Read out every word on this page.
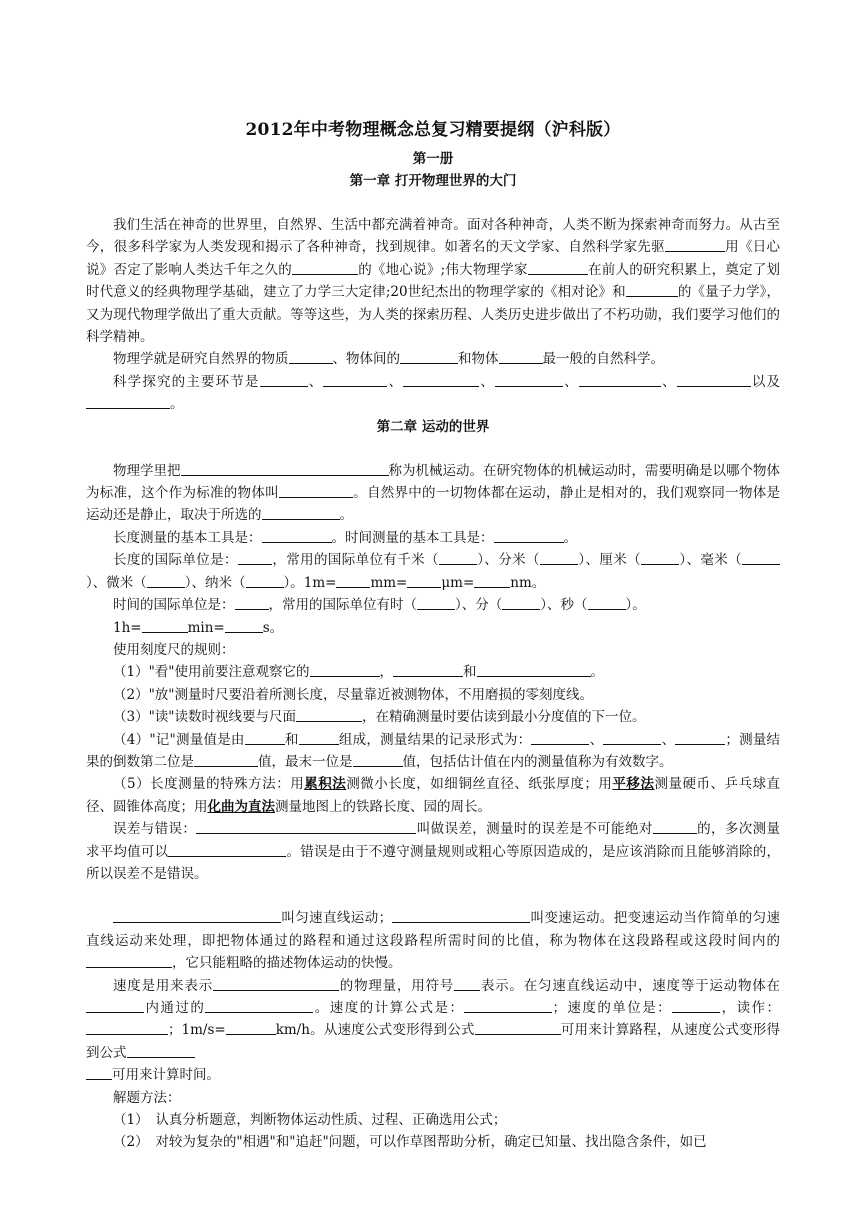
2012年中考物理概念总复习精要提纲（沪科版）
第一册
第一章 打开物理世界的大门

我们生活在神奇的世界里，自然界、生活中都充满着神奇。面对各种神奇，人类不断为探索神奇而努力。从古至今，很多科学家为人类发现和揭示了各种神奇，找到规律。如著名的天文学家、自然科学家先驱	用《日心说》否定了影响人类达千年之久的	的《地心说》;伟大物理学家	在前人的研究积累上，奠定了划时代意义的经典物理学基础，建立了力学三大定律;20世纪杰出的物理学家的《相对论》和	的《量子力学》，又为现代物理学做出了重大贡献。等等这些，为人类的探索历程、人类历史进步做出了不朽功勋，我们要学习他们的科学精神。

物理学就是研究自然界的物质	、物体间的	和物体	最一般的自然科学。

科学探究的主要环节是	、	、	、	、	、	以及。

第二章 运动的世界

物理学里把	称为机械运动。在研究物体的机械运动时，需要明确是以哪个物体为标准，这个作为标准的物体叫	。自然界中的一切物体都在运动，静止是相对的，我们观察同一物体是运动还是静止，取决于所选的	。

长度测量的基本工具是：	。时间测量的基本工具是：	。

长度的国际单位是：	，常用的国际单位有千米（	）、分米（	）、厘米（	）、毫米（）、微米（	）、纳米（	）。1m=	mm=	μm=	nm。

时间的国际单位是：	，常用的国际单位有时（	）、分（	）、秒（	）。

1h=	min=	s。

使用刻度尺的规则：

（1）"看"使用前要注意观察它的	，	和	。

（2）"放"测量时尺要沿着所测长度，尽量靠近被测物体，不用磨损的零刻度线。

（3）"读"读数时视线要与尺面	，在精确测量时要估读到最小分度值的下一位。

（4）"记"测量值是由	和	组成，测量结果的记录形式为：	、	、	；测量结果的倒数第二位是	值，最末一位是	值，包括估计值在内的测量值称为有效数字。

（5）长度测量的特殊方法：用累积法测微小长度，如细铜丝直径、纸张厚度；用平移法测量硬币、乒乓球直径、圆锥体高度；用化曲为直法测量地图上的铁路长度、园的周长。

误差与错误：	叫做误差，测量时的误差是不可能绝对	的，多次测量求平均值可以	。错误是由于不遵守测量规则或粗心等原因造成的，是应该消除而且能够消除的，所以误差不是错误。

叫匀速直线运动；	叫变速运动。把变速运动当作简单的匀速直线运动来处理，即把物体通过的路程和通过这段路程所需时间的比值，称为物体在这段路程或这段时间内的，它只能粗略的描述物体运动的快慢。

速度是用来表示	的物理量，用符号 表示。在匀速直线运动中，速度等于运动物体在内通过的	。速度的计算公式是：	；速度的单位是：	，读作：；1m/s=	km/h。从速度公式变形得到公式	可用来计算路程，从速度公式变形得到公式
可用来计算时间。

解题方法：

（1）　认真分析题意，判断物体运动性质、过程、正确选用公式；

（2）　对较为复杂的"相遇"和"追赶"问题，可以作草图帮助分析，确定已知量、找出隐含条件，如已
